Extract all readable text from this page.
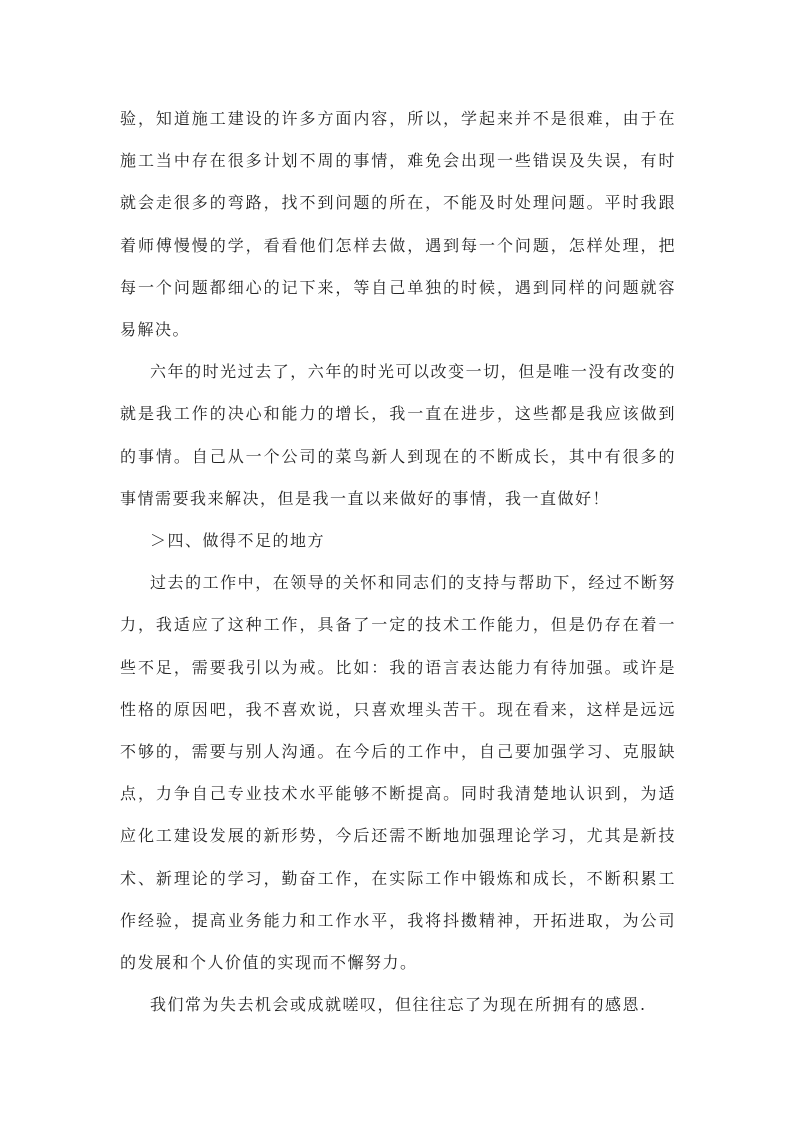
验，知道施工建设的许多方面内容，所以，学起来并不是很难，由于在施工当中存在很多计划不周的事情，难免会出现一些错误及失误，有时就会走很多的弯路，找不到问题的所在，不能及时处理问题。平时我跟着师傅慢慢的学，看看他们怎样去做，遇到每一个问题，怎样处理，把每一个问题都细心的记下来，等自己单独的时候，遇到同样的问题就容易解决。

六年的时光过去了，六年的时光可以改变一切，但是唯一没有改变的就是我工作的决心和能力的增长，我一直在进步，这些都是我应该做到的事情。自己从一个公司的菜鸟新人到现在的不断成长，其中有很多的事情需要我来解决，但是我一直以来做好的事情，我一直做好！

＞四、做得不足的地方

过去的工作中，在领导的关怀和同志们的支持与帮助下，经过不断努力，我适应了这种工作，具备了一定的技术工作能力，但是仍存在着一些不足，需要我引以为戒。比如：我的语言表达能力有待加强。或许是性格的原因吧，我不喜欢说，只喜欢埋头苦干。现在看来，这样是远远不够的，需要与别人沟通。在今后的工作中，自己要加强学习、克服缺点，力争自己专业技术水平能够不断提高。同时我清楚地认识到，为适应化工建设发展的新形势，今后还需不断地加强理论学习，尤其是新技术、新理论的学习，勤奋工作，在实际工作中锻炼和成长，不断积累工作经验，提高业务能力和工作水平，我将抖擞精神，开拓进取，为公司的发展和个人价值的实现而不懈努力。

我们常为失去机会或成就嗟叹，但往往忘了为现在所拥有的感恩.
